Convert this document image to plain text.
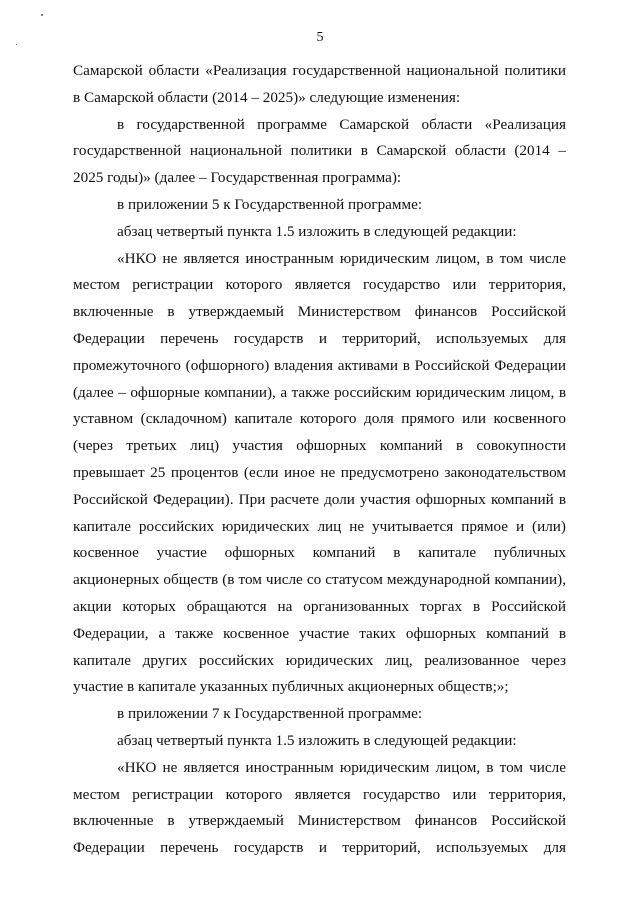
5

Самарской области «Реализация государственной национальной политики в Самарской области (2014 – 2025)» следующие изменения:

в государственной программе Самарской области «Реализация государственной национальной политики в Самарской области (2014 – 2025 годы)» (далее – Государственная программа):

в приложении 5 к Государственной программе:

абзац четвертый пункта 1.5 изложить в следующей редакции:

«НКО не является иностранным юридическим лицом, в том числе местом регистрации которого является государство или территория, включенные в утверждаемый Министерством финансов Российской Федерации перечень государств и территорий, используемых для промежуточного (офшорного) владения активами в Российской Федерации (далее – офшорные компании), а также российским юридическим лицом, в уставном (складочном) капитале которого доля прямого или косвенного (через третьих лиц) участия офшорных компаний в совокупности превышает 25 процентов (если иное не предусмотрено законодательством Российской Федерации). При расчете доли участия офшорных компаний в капитале российских юридических лиц не учитывается прямое и (или) косвенное участие офшорных компаний в капитале публичных акционерных обществ (в том числе со статусом международной компании), акции которых обращаются на организованных торгах в Российской Федерации, а также косвенное участие таких офшорных компаний в капитале других российских юридических лиц, реализованное через участие в капитале указанных публичных акционерных обществ;»;

в приложении 7 к Государственной программе:

абзац четвертый пункта 1.5 изложить в следующей редакции:

«НКО не является иностранным юридическим лицом, в том числе местом регистрации которого является государство или территория, включенные в утверждаемый Министерством финансов Российской Федерации перечень государств и территорий, используемых для
